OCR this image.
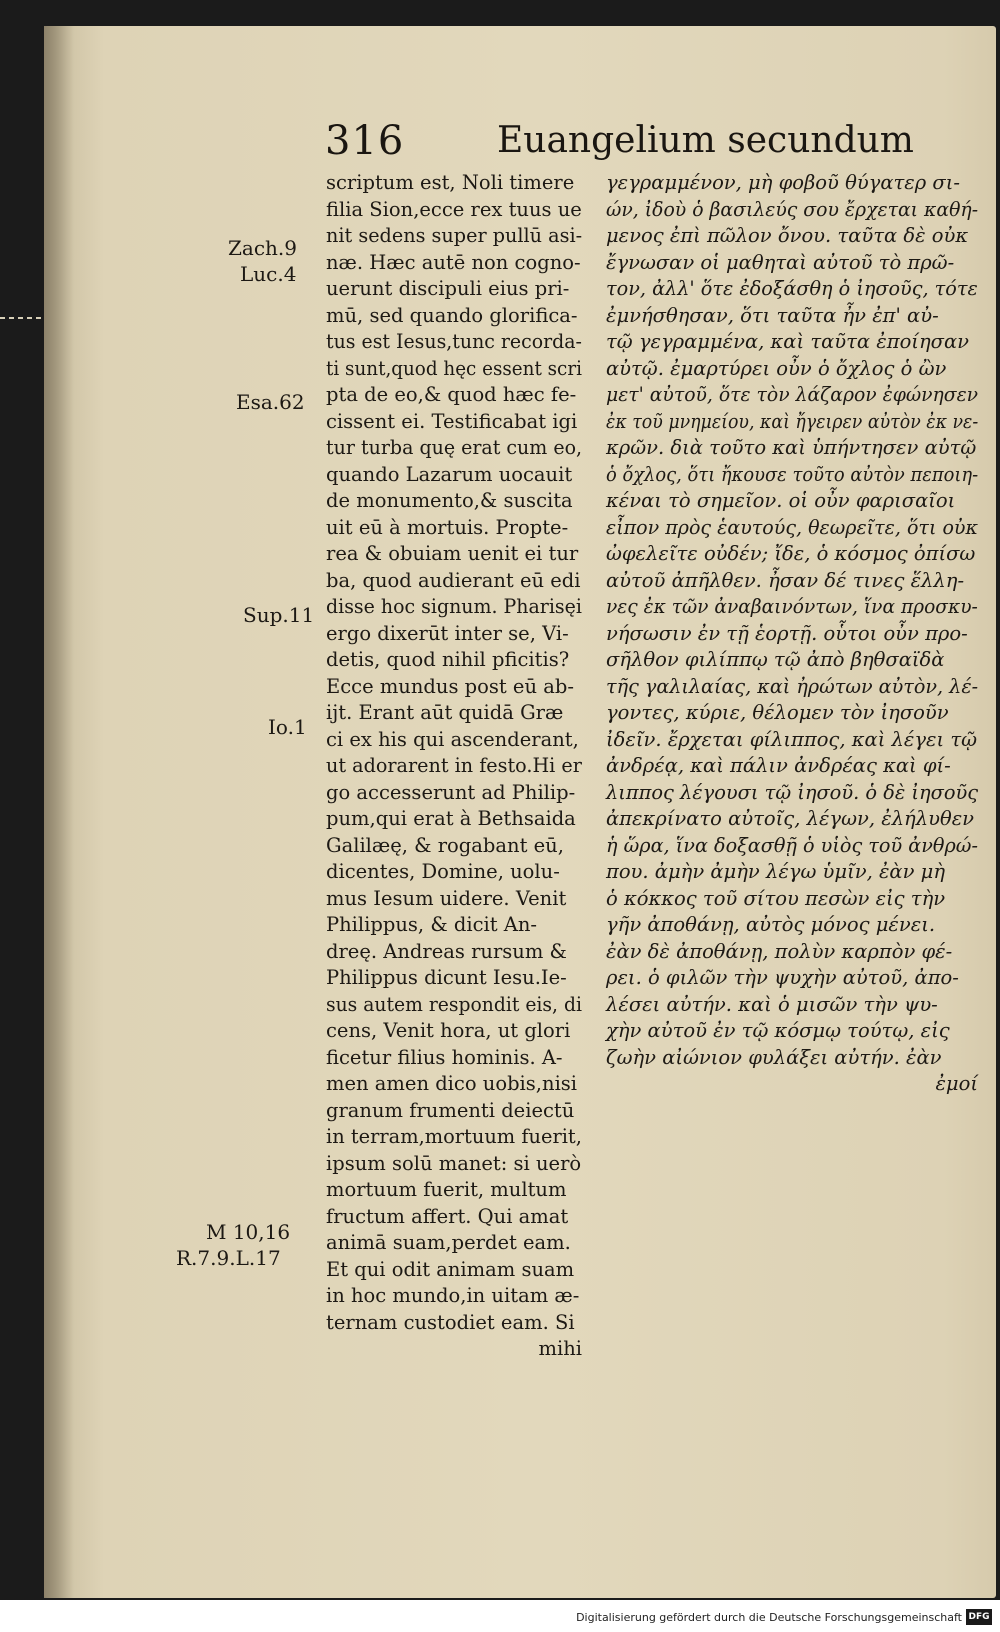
316	Euangelium secundum
scriptum est, Noli timere
filia Sion,ecce rex tuus ue
nit sedens super pullū asi-
næ. Hæc autē non cogno-
uerunt discipuli eius pri-
mū, sed quando glorifica-
tus est Iesus,tunc recorda-
ti sunt,quod hęc essent scri
pta de eo,& quod hæc fe-
cissent ei. Testificabat igi
tur turba quę erat cum eo,
quando Lazarum uocauit
de monumento,& suscita
uit eū à mortuis. Propte-
rea & obuiam uenit ei tur
ba, quod audierant eū edi
disse hoc signum. Pharisęi
ergo dixerūt inter se, Vi-
detis, quod nihil pficitis?
Ecce mundus post eū ab-
ijt. Erant aūt quidā Græ
ci ex his qui ascenderant,
ut adorarent in festo.Hi er
go accesserunt ad Philip-
pum,qui erat à Bethsaida
Galilæę, & rogabant eū,
dicentes, Domine, uolu-
mus Iesum uidere. Venit
Philippus, & dicit An-
dreę. Andreas rursum &
Philippus dicunt Iesu.Ie-
sus autem respondit eis, di
cens, Venit hora, ut glori
ficetur filius hominis. A-
men amen dico uobis,nisi
granum frumenti deiectū
in terram,mortuum fuerit,
ipsum solū manet: si uerò
mortuum fuerit, multum
fructum affert. Qui amat
animā suam,perdet eam.
Et qui odit animam suam
in hoc mundo,in uitam æ-
ternam custodiet eam. Si
mihi
γεγραμμένον, μὴ φοβοῦ θύγατερ σι-
ών, ἰδοὺ ὁ βασιλεύς σου ἔρχεται καθή-
μενος ἐπὶ πῶλον ὄνου. ταῦτα δὲ οὐκ
ἔγνωσαν οἱ μαθηταὶ αὐτοῦ τὸ πρῶ-
τον, ἀλλ' ὅτε ἐδοξάσθη ὁ ἰησοῦς, τότε
ἐμνήσθησαν, ὅτι ταῦτα ἦν ἐπ' αὐ-
τῷ γεγραμμένα, καὶ ταῦτα ἐποίησαν
αὐτῷ. ἐμαρτύρει οὖν ὁ ὄχλος ὁ ὢν
μετ' αὐτοῦ, ὅτε τὸν λάζαρον ἐφώνησεν
ἐκ τοῦ μνημείου, καὶ ἤγειρεν αὐτὸν ἐκ νε-
κρῶν. διὰ τοῦτο καὶ ὑπήντησεν αὐτῷ
ὁ ὄχλος, ὅτι ἤκουσε τοῦτο αὐτὸν πεποιη-
κέναι τὸ σημεῖον. οἱ οὖν φαρισαῖοι
εἶπον πρὸς ἑαυτούς, θεωρεῖτε, ὅτι οὐκ
ὠφελεῖτε οὐδέν; ἴδε, ὁ κόσμος ὀπίσω
αὐτοῦ ἀπῆλθεν. ἦσαν δέ τινες ἕλλη-
νες ἐκ τῶν ἀναβαινόντων, ἵνα προσκυ-
νήσωσιν ἐν τῇ ἑορτῇ. οὗτοι οὖν προ-
σῆλθον φιλίππῳ τῷ ἀπὸ βηθσαϊδὰ
τῆς γαλιλαίας, καὶ ἠρώτων αὐτὸν, λέ-
γοντες, κύριε, θέλομεν τὸν ἰησοῦν
ἰδεῖν. ἔρχεται φίλιππος, καὶ λέγει τῷ
ἀνδρέᾳ, καὶ πάλιν ἀνδρέας καὶ φί-
λιππος λέγουσι τῷ ἰησοῦ. ὁ δὲ ἰησοῦς
ἀπεκρίνατο αὐτοῖς, λέγων, ἐλήλυθεν
ἡ ὥρα, ἵνα δοξασθῇ ὁ υἱὸς τοῦ ἀνθρώ-
που. ἀμὴν ἀμὴν λέγω ὑμῖν, ἐὰν μὴ
ὁ κόκκος τοῦ σίτου πεσὼν εἰς τὴν
γῆν ἀποθάνῃ, αὐτὸς μόνος μένει.
ἐὰν δὲ ἀποθάνῃ, πολὺν καρπὸν φέ-
ρει. ὁ φιλῶν τὴν ψυχὴν αὐτοῦ, ἀπο-
λέσει αὐτήν. καὶ ὁ μισῶν τὴν ψυ-
χὴν αὐτοῦ ἐν τῷ κόσμῳ τούτῳ, εἰς
ζωὴν αἰώνιον φυλάξει αὐτήν. ἐὰν
ἐμοί
Zach.9
Luc.4
Esa.62
Sup.11
Io.1
M 10,16
R.7.9.L.17
Digitalisierung gefördert durch die Deutsche Forschungsgemeinschaft DFG
